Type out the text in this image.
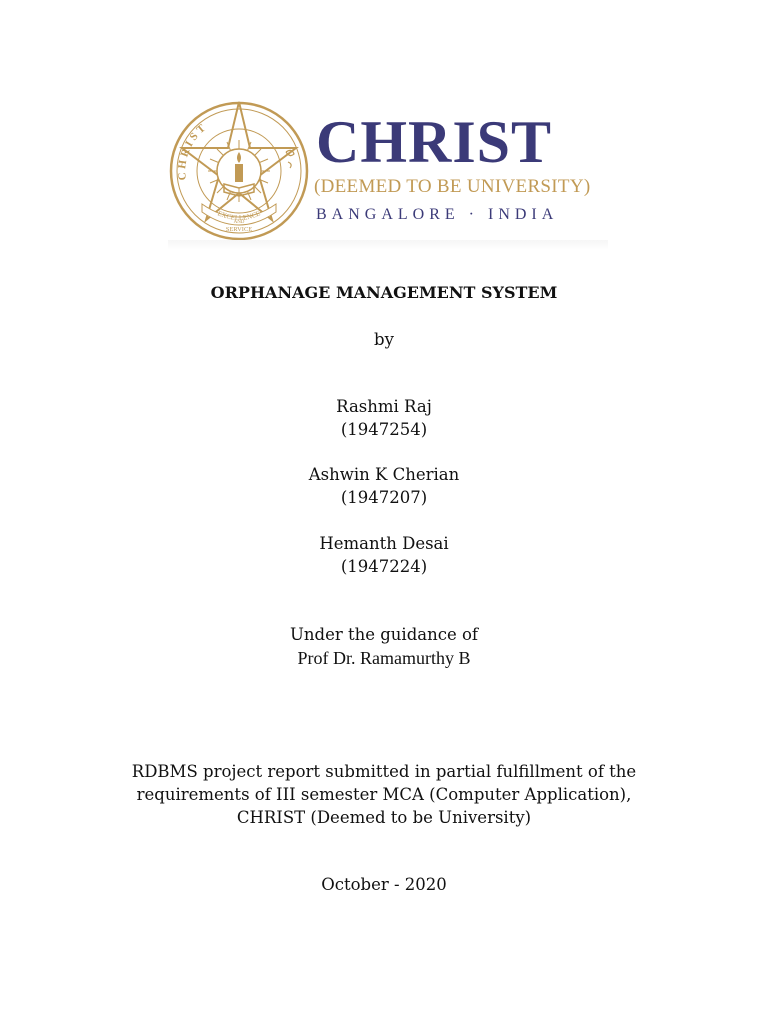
CHRIST
EXCELLENCE
AND
SERVICE
CHRIST
(DEEMED TO BE UNIVERSITY)
BANGALORE · INDIA
ORPHANAGE MANAGEMENT SYSTEM
by
Rashmi Raj
(1947254)
Ashwin K Cherian
(1947207)
Hemanth Desai
(1947224)
Under the guidance of
Prof Dr. Ramamurthy B
RDBMS project report submitted in partial fulfillment of the
requirements of III semester MCA (Computer Application),
CHRIST (Deemed to be University)
October - 2020
